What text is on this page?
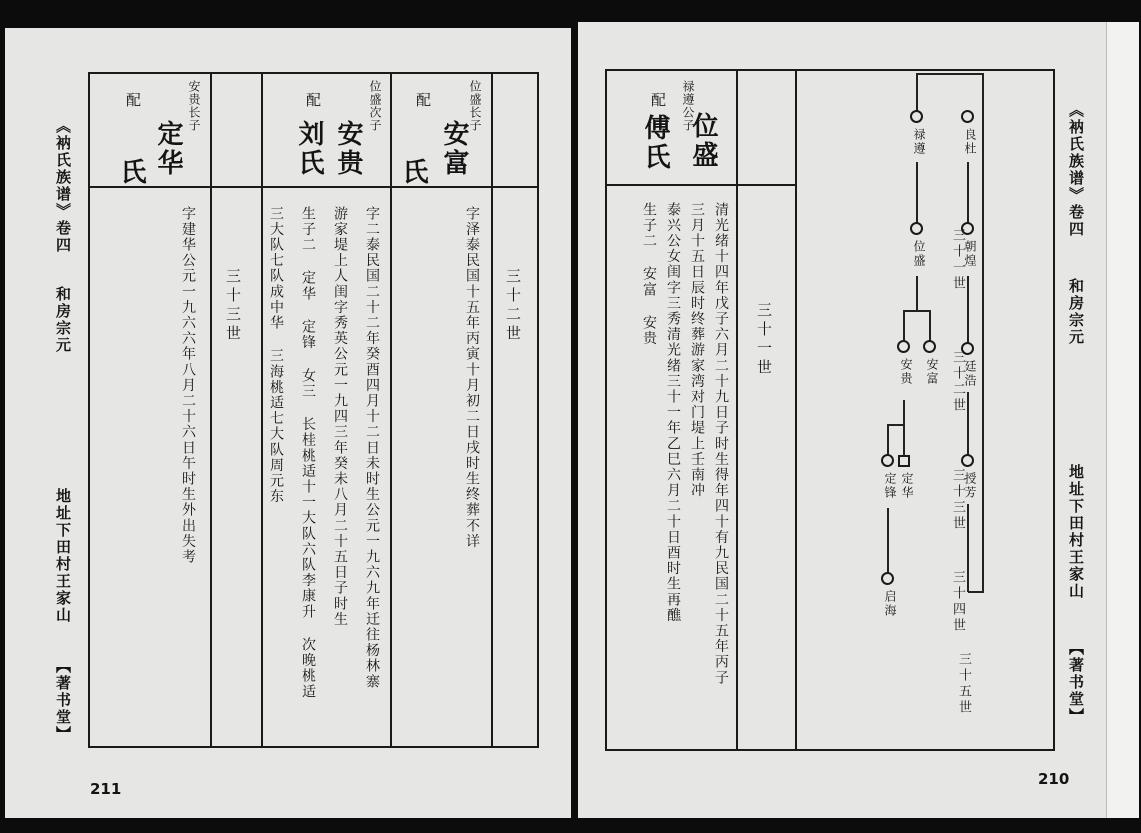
《衲氏族谱》卷四
和房宗元
地址下田村王家山
【著书堂】
三十三世	三十二世
安贵长子
定华
配
氏
字建华公元一九六六年八月二十六日午时生外出失考
位盛次子
安贵
配
刘氏
字二泰民国二十二年癸酉四月十二日未时生公元一九六九年迁往杨林寨
游家堤上人闺字秀英公元一九四三年癸未八月二十五日子时生
生子二 定华 定锋 女三 长桂桃适十一大队六队李康升 次晚桃适
三大队七队成中华 三海桃适七大队周元东
位盛长子
安富
配
氏
字泽泰民国十五年丙寅十月初二日戌时生终葬不详
211
禄遵公子
位盛
配
傅氏
清光绪十四年戊子六月二十九日子时生得年四十有九民国二十五年丙子
三月十五日辰时终葬游家湾对门堤上壬南冲
泰兴公女闺字三秀清光绪三十一年乙巳六月二十日酉时生再醮
生子二 安富 安贵	三十一世
良杜
朝煌
廷浩
授芳
禄遵
位盛
安贵 安富
定锋 定华
启海
三十一世
三十二世
三十三世
三十四世
三十五世
《衲氏族谱》卷四
和房宗元
地址下田村王家山
【著书堂】
210
